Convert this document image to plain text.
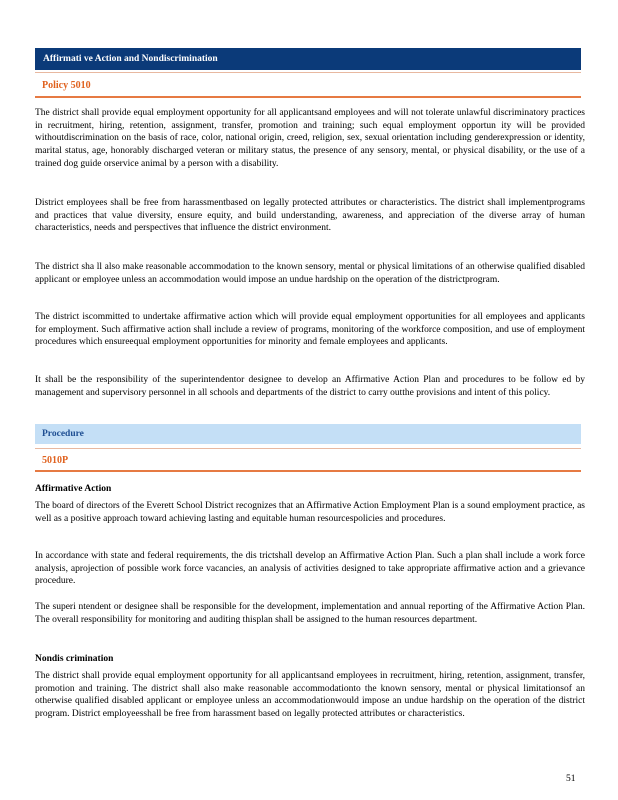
Affirmati ve Action and Nondiscrimination
Policy 5010

The district shall provide equal employment opportunity for all applicantsand employees and will not tolerate unlawful discriminatory practices in recruitment, hiring, retention, assignment, transfer, promotion and training; such equal employment opportun ity will be provided withoutdiscrimination on the basis of race, color, national origin, creed, religion, sex, sexual orientation including genderexpression or identity, marital status, age, honorably discharged veteran or military status, the presence of any sensory, mental, or physical disability, or the use of a trained dog guide orservice animal by a person with a disability.

District employees shall be free from harassmentbased on legally protected attributes or characteristics. The district shall implementprograms and practices that value diversity, ensure equity, and build understanding, awareness, and appreciation of the diverse array of human characteristics, needs and perspectives that influence the district environment.

The district sha ll also make reasonable accommodation to the known sensory, mental or physical limitations of an otherwise qualified disabled applicant or employee unless an accommodation would impose an undue hardship on the operation of the districtprogram.

The district iscommitted to undertake affirmative action which will provide equal employment opportunities for all employees and applicants for employment. Such affirmative action shall include a review of programs, monitoring of the workforce composition, and use of employment procedures which ensureequal employment opportunities for minority and female employees and applicants.

It shall be the responsibility of the superintendentor designee to develop an Affirmative Action Plan and procedures to be follow ed by management and supervisory personnel in all schools and departments of the district to carry outthe provisions and intent of this policy.

Procedure
5010P

Affirmative Action

The board of directors of the Everett School District recognizes that an Affirmative Action Employment Plan is a sound employment practice, as well as a positive approach toward achieving lasting and equitable human resourcespolicies and procedures.

In accordance with state and federal requirements, the dis trictshall develop an Affirmative Action Plan. Such a plan shall include a work force analysis, aprojection of possible work force vacancies, an analysis of activities designed to take appropriate affirmative action and a grievance procedure.

The superi ntendent or designee shall be responsible for the development, implementation and annual reporting of the Affirmative Action Plan. The overall responsibility for monitoring and auditing thisplan shall be assigned to the human resources department.

Nondis crimination

The district shall provide equal employment opportunity for all applicantsand employees in recruitment, hiring, retention, assignment, transfer, promotion and training. The district shall also make reasonable accommodationto the known sensory, mental or physical limitationsof an otherwise qualified disabled applicant or employee unless an accommodationwould impose an undue hardship on the operation of the district program. District employeesshall be free from harassment based on legally protected attributes or characteristics.

51
